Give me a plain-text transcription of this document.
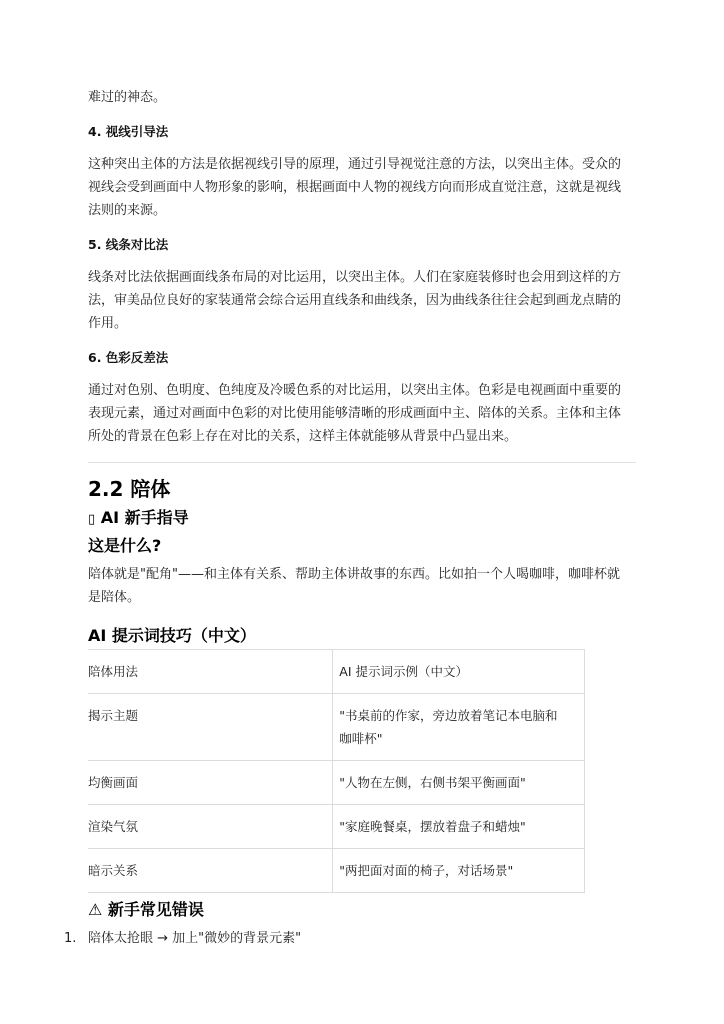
难过的神态。

4. 视线引导法

这种突出主体的方法是依据视线引导的原理，通过引导视觉注意的方法，以突出主体。受众的

视线会受到画面中人物形象的影响，根据画面中人物的视线方向而形成直觉注意，这就是视线

法则的来源。

5. 线条对比法

线条对比法依据画面线条布局的对比运用，以突出主体。人们在家庭装修时也会用到这样的方

法，审美品位良好的家装通常会综合运用直线条和曲线条，因为曲线条往往会起到画龙点睛的

作用。

6. 色彩反差法

通过对色别、色明度、色纯度及冷暖色系的对比运用，以突出主体。色彩是电视画面中重要的

表现元素，通过对画面中色彩的对比使用能够清晰的形成画面中主、陪体的关系。主体和主体

所处的背景在色彩上存在对比的关系，这样主体就能够从背景中凸显出来。

2.2 陪体
▯ AI 新手指导
这是什么?

陪体就是"配角"——和主体有关系、帮助主体讲故事的东西。比如拍一个人喝咖啡，咖啡杯就

是陪体。

AI 提示词技巧（中文）
陪体用法	AI 提示词示例（中文）
揭示主题	"书桌前的作家，旁边放着笔记本电脑和
咖啡杯"

均衡画面	"人物在左侧，右侧书架平衡画面"
渲染气氛	"家庭晚餐桌，摆放着盘子和蜡烛"
暗示关系	"两把面对面的椅子，对话场景"
⚠ 新手常见错误
1. 陪体太抢眼 → 加上"微妙的背景元素"
